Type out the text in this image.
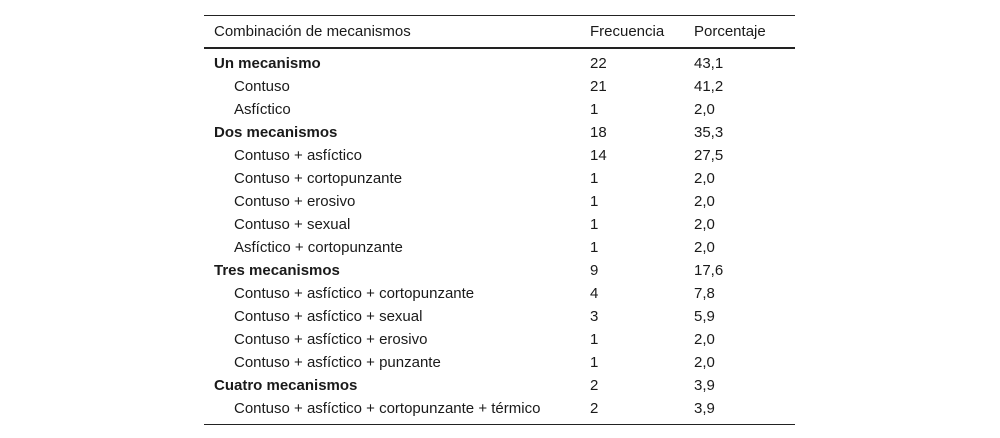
Combinación de mecanismos	Frecuencia	Porcentaje
Un mecanismo	22	43,1
Contuso	21	41,2
Asfíctico	1	2,0
Dos mecanismos	18	35,3
Contuso + asfíctico	14	27,5
Contuso + cortopunzante	1	2,0
Contuso + erosivo	1	2,0
Contuso + sexual	1	2,0
Asfíctico + cortopunzante	1	2,0
Tres mecanismos	9	17,6
Contuso + asfíctico + cortopunzante	4	7,8
Contuso + asfíctico + sexual	3	5,9
Contuso + asfíctico + erosivo	1	2,0
Contuso + asfíctico + punzante	1	2,0
Cuatro mecanismos	2	3,9
Contuso + asfíctico + cortopunzante + térmico	2	3,9
